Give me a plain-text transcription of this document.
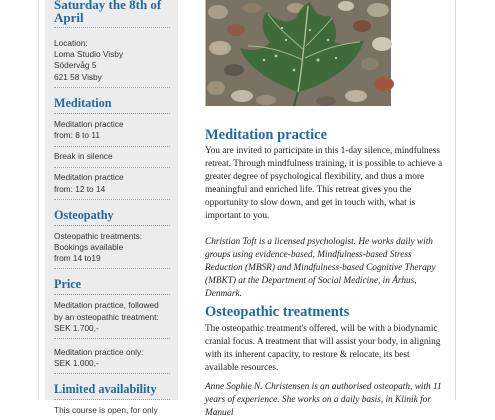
Saturday the 8th of April
Location:
Loma Studio Visby
Södervåg 5
621 58 Visby
Meditation
Meditation practice
from: 8 to 11
Break in silence
Meditation practice
from: 12 to 14
Osteopathy
Osteopathic treatments:
Bookings available
from 14 to19
Price
Meditation practice, followed
by an osteopathic treatment:
SEK 1.700,-
Meditation practice only:
SEK 1.000,-
Limited availability
This course is open, for only
Meditation practice
You are invited to participate in this 1-day silence, mindfulness retreat. Through mindfulness training, it is possible to achieve a greater degree of psychological flexibility, and thus a more meaningful and enriched life. This retreat gives you the opportunity to slow down, and get in touch with, what is important to you.
Christian Toft is a licensed psychologist. He works daily with groups using evidence-based, Mindfulness-based Stress Reduction (MBSR) and Mindfulness-based Cognitive Therapy (MBKT) at the Department of Social Medicine, in Århus, Denmark.
Osteopathic treatments
The osteopathic treatment's offered, will be with a biodynamic cranial focus. A treatment that will assist your body, in aligning with its inherent capacity, to restore & relocate, its best available resources.
Anne Sophie N. Christensen is an authorised osteopath, with 11 years of experience. She works on a daily basis, in Klinik for Manuel
